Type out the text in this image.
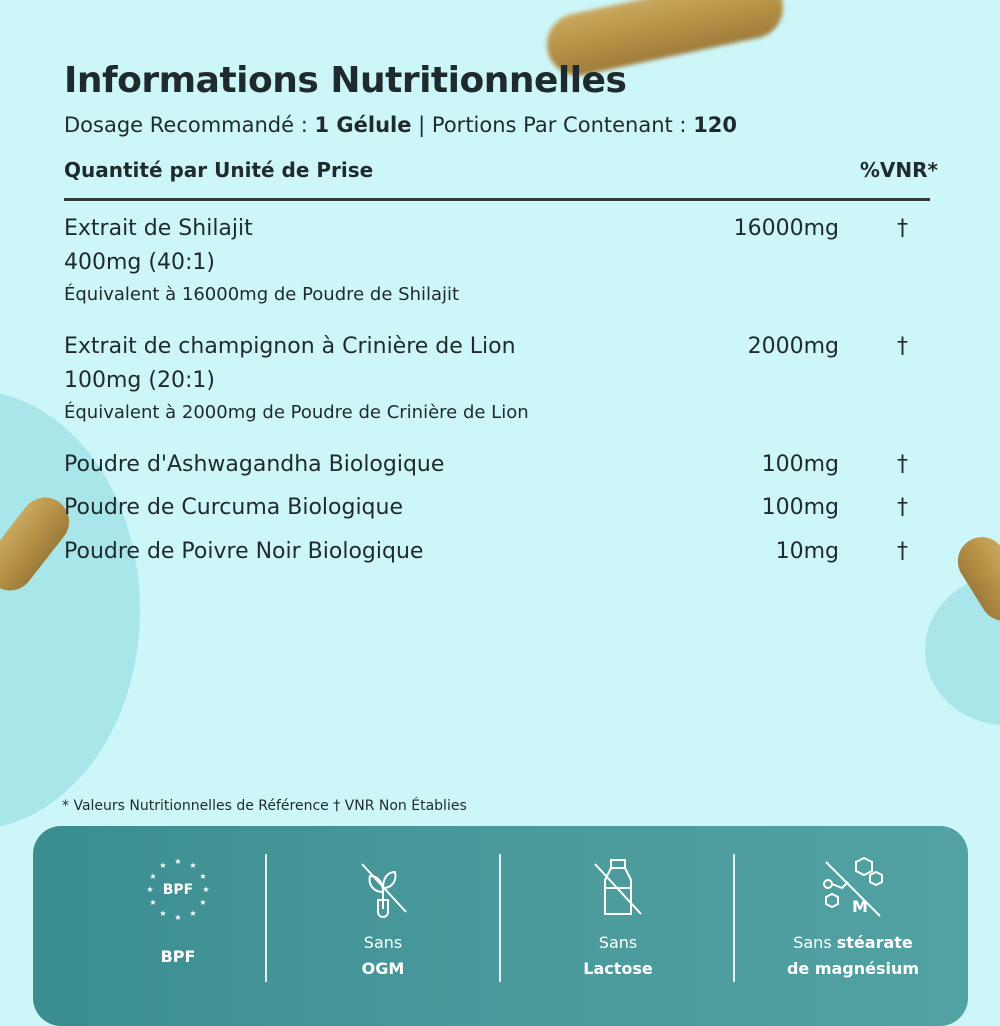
Informations Nutritionnelles
Dosage Recommandé : 1 Gélule | Portions Par Contenant : 120
Quantité par Unité de Prise	%VNR*
Extrait de Shilajit
400mg (40:1)
Équivalent à 16000mg de Poudre de Shilajit
16000mg	†
Extrait de champignon à Crinière de Lion
100mg (20:1)
Équivalent à 2000mg de Poudre de Crinière de Lion
2000mg	†
Poudre d'Ashwagandha Biologique	100mg	†
Poudre de Curcuma Biologique	100mg	†
Poudre de Poivre Noir Biologique	10mg	†
* Valeurs Nutritionnelles de Référence † VNR Non Établies
★ ★
★
★
★
★
★
★
★
★
★
★
BPF
BPF
Sans
OGM
Sans
Lactose
M
Sans stéarate
de magnésium
